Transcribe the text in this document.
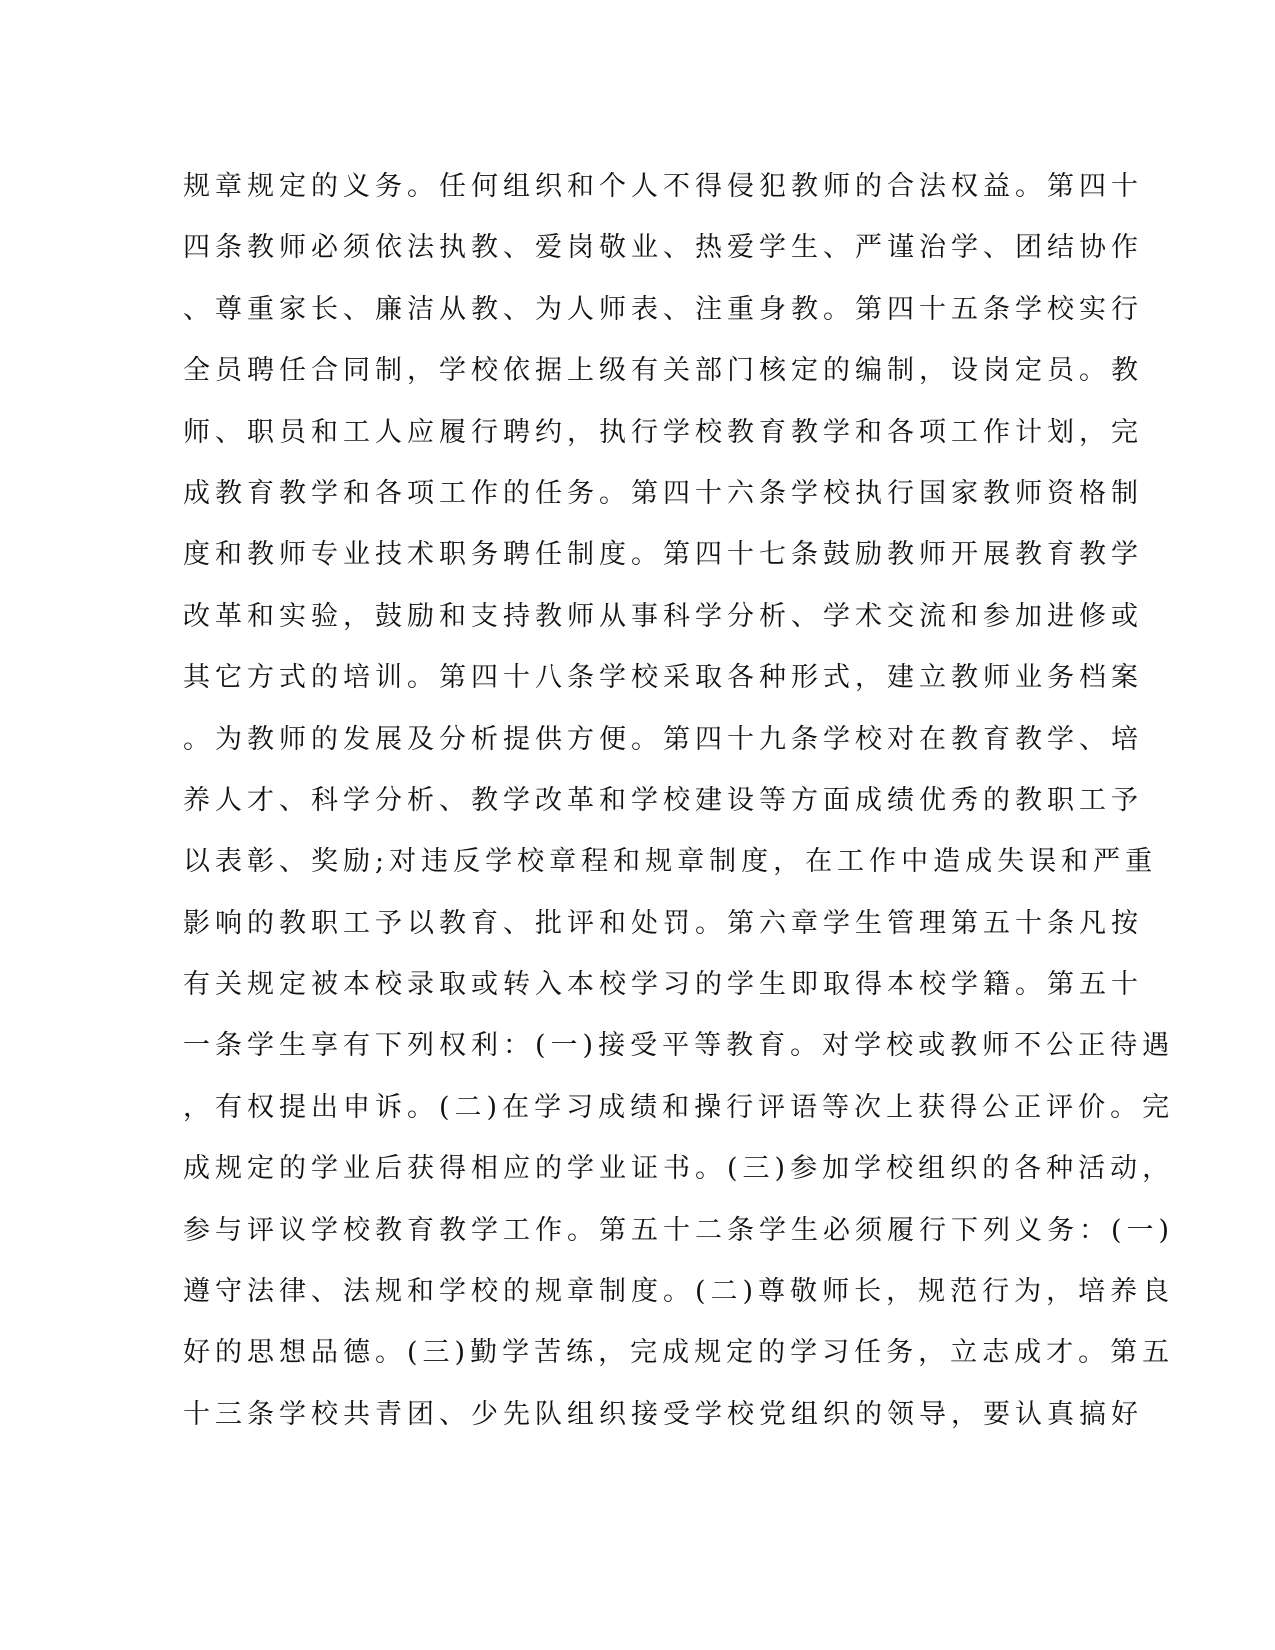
规章规定的义务。任何组织和个人不得侵犯教师的合法权益。第四十
四条教师必须依法执教、爱岗敬业、热爱学生、严谨治学、团结协作
、尊重家长、廉洁从教、为人师表、注重身教。第四十五条学校实行
全员聘任合同制，学校依据上级有关部门核定的编制，设岗定员。教
师、职员和工人应履行聘约，执行学校教育教学和各项工作计划，完
成教育教学和各项工作的任务。第四十六条学校执行国家教师资格制
度和教师专业技术职务聘任制度。第四十七条鼓励教师开展教育教学
改革和实验，鼓励和支持教师从事科学分析、学术交流和参加进修或
其它方式的培训。第四十八条学校采取各种形式，建立教师业务档案
。为教师的发展及分析提供方便。第四十九条学校对在教育教学、培
养人才、科学分析、教学改革和学校建设等方面成绩优秀的教职工予
以表彰、奖励;对违反学校章程和规章制度，在工作中造成失误和严重
影响的教职工予以教育、批评和处罚。第六章学生管理第五十条凡按
有关规定被本校录取或转入本校学习的学生即取得本校学籍。第五十
一条学生享有下列权利：(一)接受平等教育。对学校或教师不公正待遇
，有权提出申诉。(二)在学习成绩和操行评语等次上获得公正评价。完
成规定的学业后获得相应的学业证书。(三)参加学校组织的各种活动，
参与评议学校教育教学工作。第五十二条学生必须履行下列义务：(一)
遵守法律、法规和学校的规章制度。(二)尊敬师长，规范行为，培养良
好的思想品德。(三)勤学苦练，完成规定的学习任务，立志成才。第五
十三条学校共青团、少先队组织接受学校党组织的领导，要认真搞好
